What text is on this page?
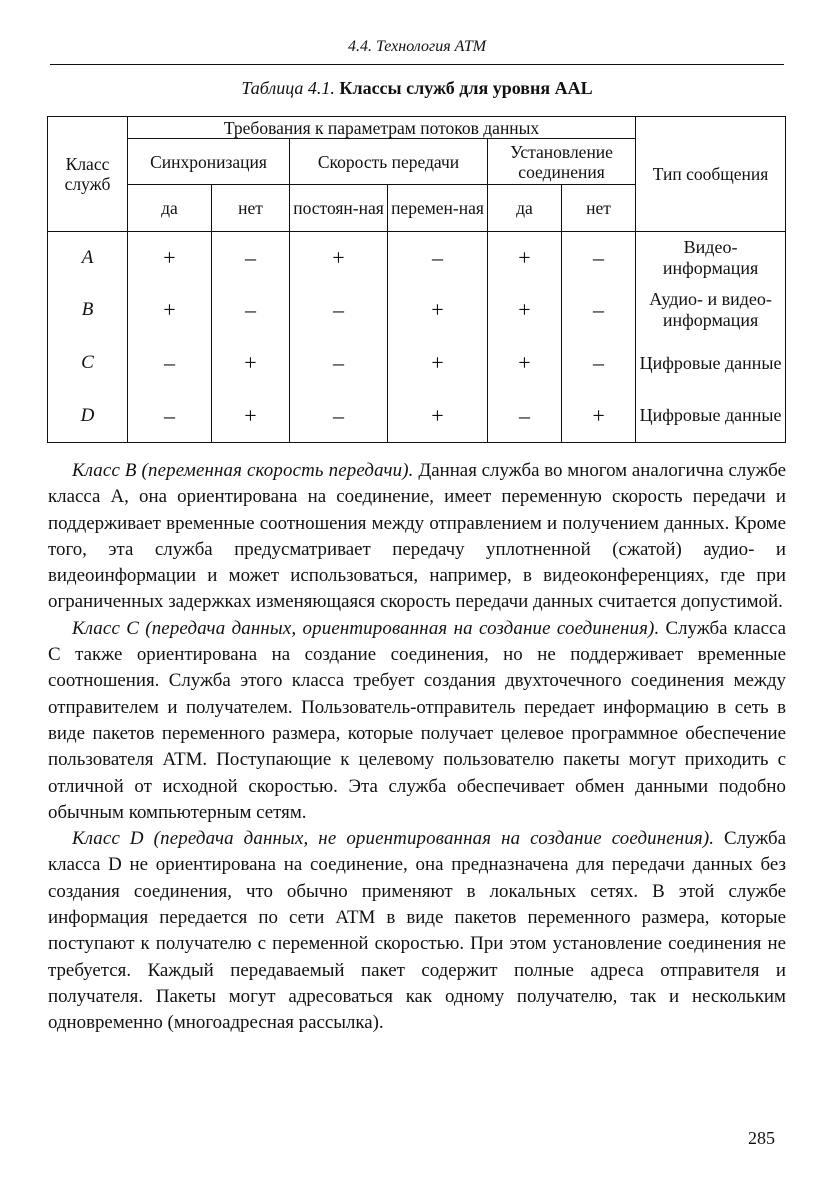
4.4. Технология ATM
Таблица 4.1. Классы служб для уровня AAL
Класс служб	Требования к параметрам потоков данных						Тип сообщения
	Синхронизация		Скорость передачи		Установление соединения		
	да	нет	постоян-ная	перемен-ная	да	нет	
A	+	–	+	–	+	–	Видео-информация
B	+	–	–	+	+	–	Аудио- и видео-информация
C	–	+	–	+	+	–	Цифровые данные
D	–	+	–	+	–	+	Цифровые данные

Класс B (переменная скорость передачи). Данная служба во многом аналогична службе класса A, она ориентирована на соединение, имеет переменную скорость передачи и поддерживает временные соотношения между отправлением и получением данных. Кроме того, эта служба предусматривает передачу уплотненной (сжатой) аудио- и видеоинформации и может использоваться, например, в видеоконференциях, где при ограниченных задержках изменяющаяся скорость передачи данных считается допустимой.

Класс C (передача данных, ориентированная на создание соединения). Служба класса C также ориентирована на создание соединения, но не поддерживает временные соотношения. Служба этого класса требует создания двухточечного соединения между отправителем и получателем. Пользователь-отправитель передает информацию в сеть в виде пакетов переменного размера, которые получает целевое программное обеспечение пользователя ATM. Поступающие к целевому пользователю пакеты могут приходить с отличной от исходной скоростью. Эта служба обеспечивает обмен данными подобно обычным компьютерным сетям.

Класс D (передача данных, не ориентированная на создание соединения). Служба класса D не ориентирована на соединение, она предназначена для передачи данных без создания соединения, что обычно применяют в локальных сетях. В этой службе информация передается по сети ATM в виде пакетов переменного размера, которые поступают к получателю с переменной скоростью. При этом установление соединения не требуется. Каждый передаваемый пакет содержит полные адреса отправителя и получателя. Пакеты могут адресоваться как одному получателю, так и нескольким одновременно (многоадресная рассылка).

285
